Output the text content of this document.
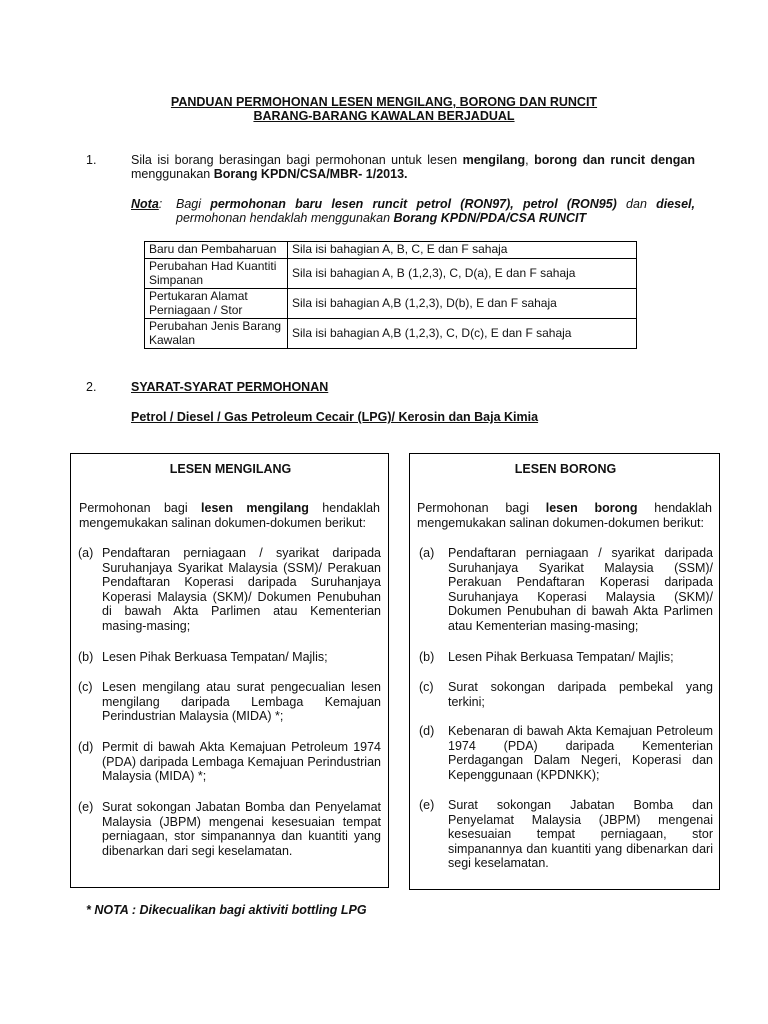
PANDUAN PERMOHONAN LESEN MENGILANG, BORONG DAN RUNCIT
BARANG-BARANG KAWALAN BERJADUAL
1.	Sila isi borang berasingan bagi permohonan untuk lesen mengilang, borong dan runcit dengan
menggunakan Borang KPDN/CSA/MBR- 1/2013.
Nota: Bagi permohonan baru lesen runcit petrol (RON97), petrol (RON95) dan diesel,
permohonan hendaklah menggunakan Borang KPDN/PDA/CSA RUNCIT
Baru dan Pembaharuan	Sila isi bahagian A, B, C, E dan F sahaja
Perubahan Had Kuantiti Simpanan	Sila isi bahagian A, B (1,2,3), C, D(a), E dan F sahaja
Pertukaran Alamat Perniagaan / Stor	Sila isi bahagian A,B (1,2,3), D(b), E dan F sahaja
Perubahan Jenis Barang Kawalan	Sila isi bahagian A,B (1,2,3), C, D(c), E dan F sahaja
2.	SYARAT-SYARAT PERMOHONAN
Petrol / Diesel / Gas Petroleum Cecair (LPG)/ Kerosin dan Baja Kimia
LESEN MENGILANG
Permohonan bagi lesen mengilang hendaklah mengemukakan salinan dokumen-dokumen berikut:
(a) Pendaftaran perniagaan / syarikat daripada Suruhanjaya Syarikat Malaysia (SSM)/ Perakuan Pendaftaran Koperasi daripada Suruhanjaya Koperasi Malaysia (SKM)/ Dokumen Penubuhan di bawah Akta Parlimen atau Kementerian masing-masing;
(b) Lesen Pihak Berkuasa Tempatan/ Majlis;
(c) Lesen mengilang atau surat pengecualian lesen mengilang daripada Lembaga Kemajuan Perindustrian Malaysia (MIDA) *;
(d) Permit di bawah Akta Kemajuan Petroleum 1974 (PDA) daripada Lembaga Kemajuan Perindustrian Malaysia (MIDA) *;
(e) Surat sokongan Jabatan Bomba dan Penyelamat Malaysia (JBPM) mengenai kesesuaian tempat perniagaan, stor simpanannya dan kuantiti yang dibenarkan dari segi keselamatan.
LESEN BORONG
Permohonan bagi lesen borong hendaklah mengemukakan salinan dokumen-dokumen berikut:
(a) Pendaftaran perniagaan / syarikat daripada Suruhanjaya Syarikat Malaysia (SSM)/ Perakuan Pendaftaran Koperasi daripada Suruhanjaya Koperasi Malaysia (SKM)/ Dokumen Penubuhan di bawah Akta Parlimen atau Kementerian masing-masing;
(b) Lesen Pihak Berkuasa Tempatan/ Majlis;
(c) Surat sokongan daripada pembekal yang terkini;
(d) Kebenaran di bawah Akta Kemajuan Petroleum 1974 (PDA) daripada Kementerian Perdagangan Dalam Negeri, Koperasi dan Kepenggunaan (KPDNKK);
(e) Surat sokongan Jabatan Bomba dan Penyelamat Malaysia (JBPM) mengenai kesesuaian tempat perniagaan, stor simpanannya dan kuantiti yang dibenarkan dari segi keselamatan.
* NOTA : Dikecualikan bagi aktiviti bottling LPG
